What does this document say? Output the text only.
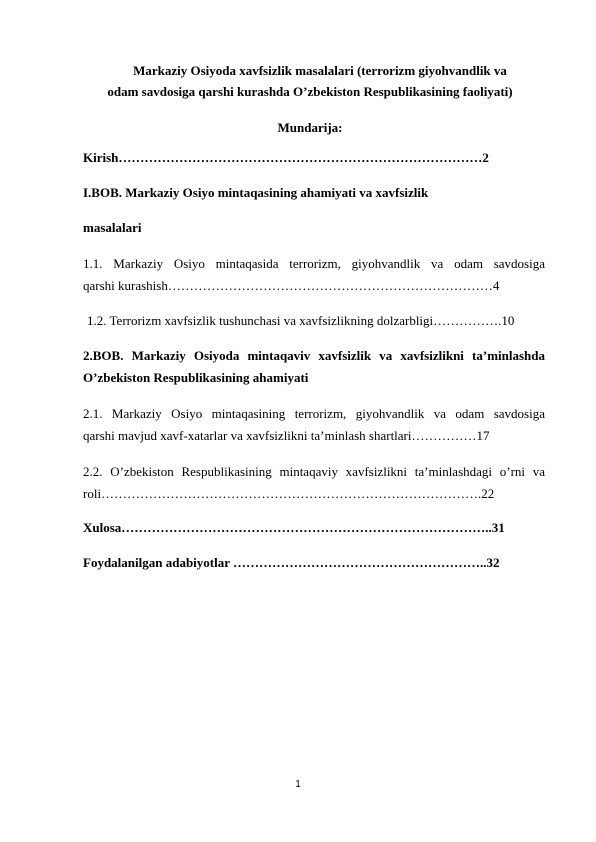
Markaziy Osiyoda xavfsizlik masalalari (terrorizm giyohvandlik va
odam savdosiga qarshi kurashda O’zbekiston Respublikasining faoliyati)
Mundarija:
Kirish…………………………………………………………………………2
I.BOB. Markaziy Osiyo mintaqasining ahamiyati va xavfsizlik
masalalari
1.1. Markaziy Osiyo mintaqasida terrorizm, giyohvandlik va odam savdosiga
qarshi kurashish…………………………………………………………………4
1.2. Terrorizm xavfsizlik tushunchasi va xavfsizlikning dolzarbligi…………….10
2.BOB. Markaziy Osiyoda mintaqaviv xavfsizlik va xavfsizlikni ta’minlashda
O’zbekiston Respublikasining ahamiyati
2.1. Markaziy Osiyo mintaqasining terrorizm, giyohvandlik va odam savdosiga
qarshi mavjud xavf-xatarlar va xavfsizlikni ta’minlash shartlari……………17
2.2. O’zbekiston Respublikasining mintaqaviy xavfsizlikni ta’minlashdagi o’rni va
roli…………………………………………………………………………….22
Xulosa…………………………………………………………………………..31
Foydalanilgan adabiyotlar …………………………………………………..32
1
